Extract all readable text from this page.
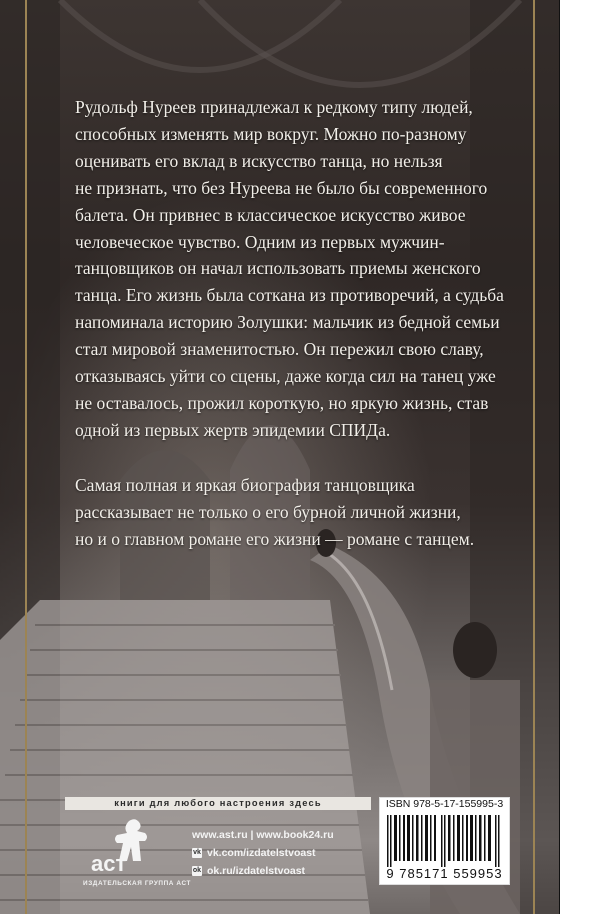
Рудольф Нуреев принадлежал к редкому типу людей,
способных изменять мир вокруг. Можно по-разному
оценивать его вклад в искусство танца, но нельзя
не признать, что без Нуреева не было бы современного
балета. Он привнес в классическое искусство живое
человеческое чувство. Одним из первых мужчин-
танцовщиков он начал использовать приемы женского
танца. Его жизнь была соткана из противоречий, а судьба
напоминала историю Золушки: мальчик из бедной семьи
стал мировой знаменитостью. Он пережил свою славу,
отказываясь уйти со сцены, даже когда сил на танец уже
не оставалось, прожил короткую, но яркую жизнь, став
одной из первых жертв эпидемии СПИДа.

Самая полная и яркая биография танцовщика
рассказывает не только о его бурной личной жизни,
но и о главном романе его жизни — романе с танцем.

книги для любого настроения здесь
аст
ИЗДАТЕЛЬСКАЯ ГРУППА АСТ
www.ast.ru | www.book24.ru
vk vk.com/izdatelstvoast
ok ok.ru/izdatelstvoast
ISBN 978-5-17-155995-3
9 785171 559953
